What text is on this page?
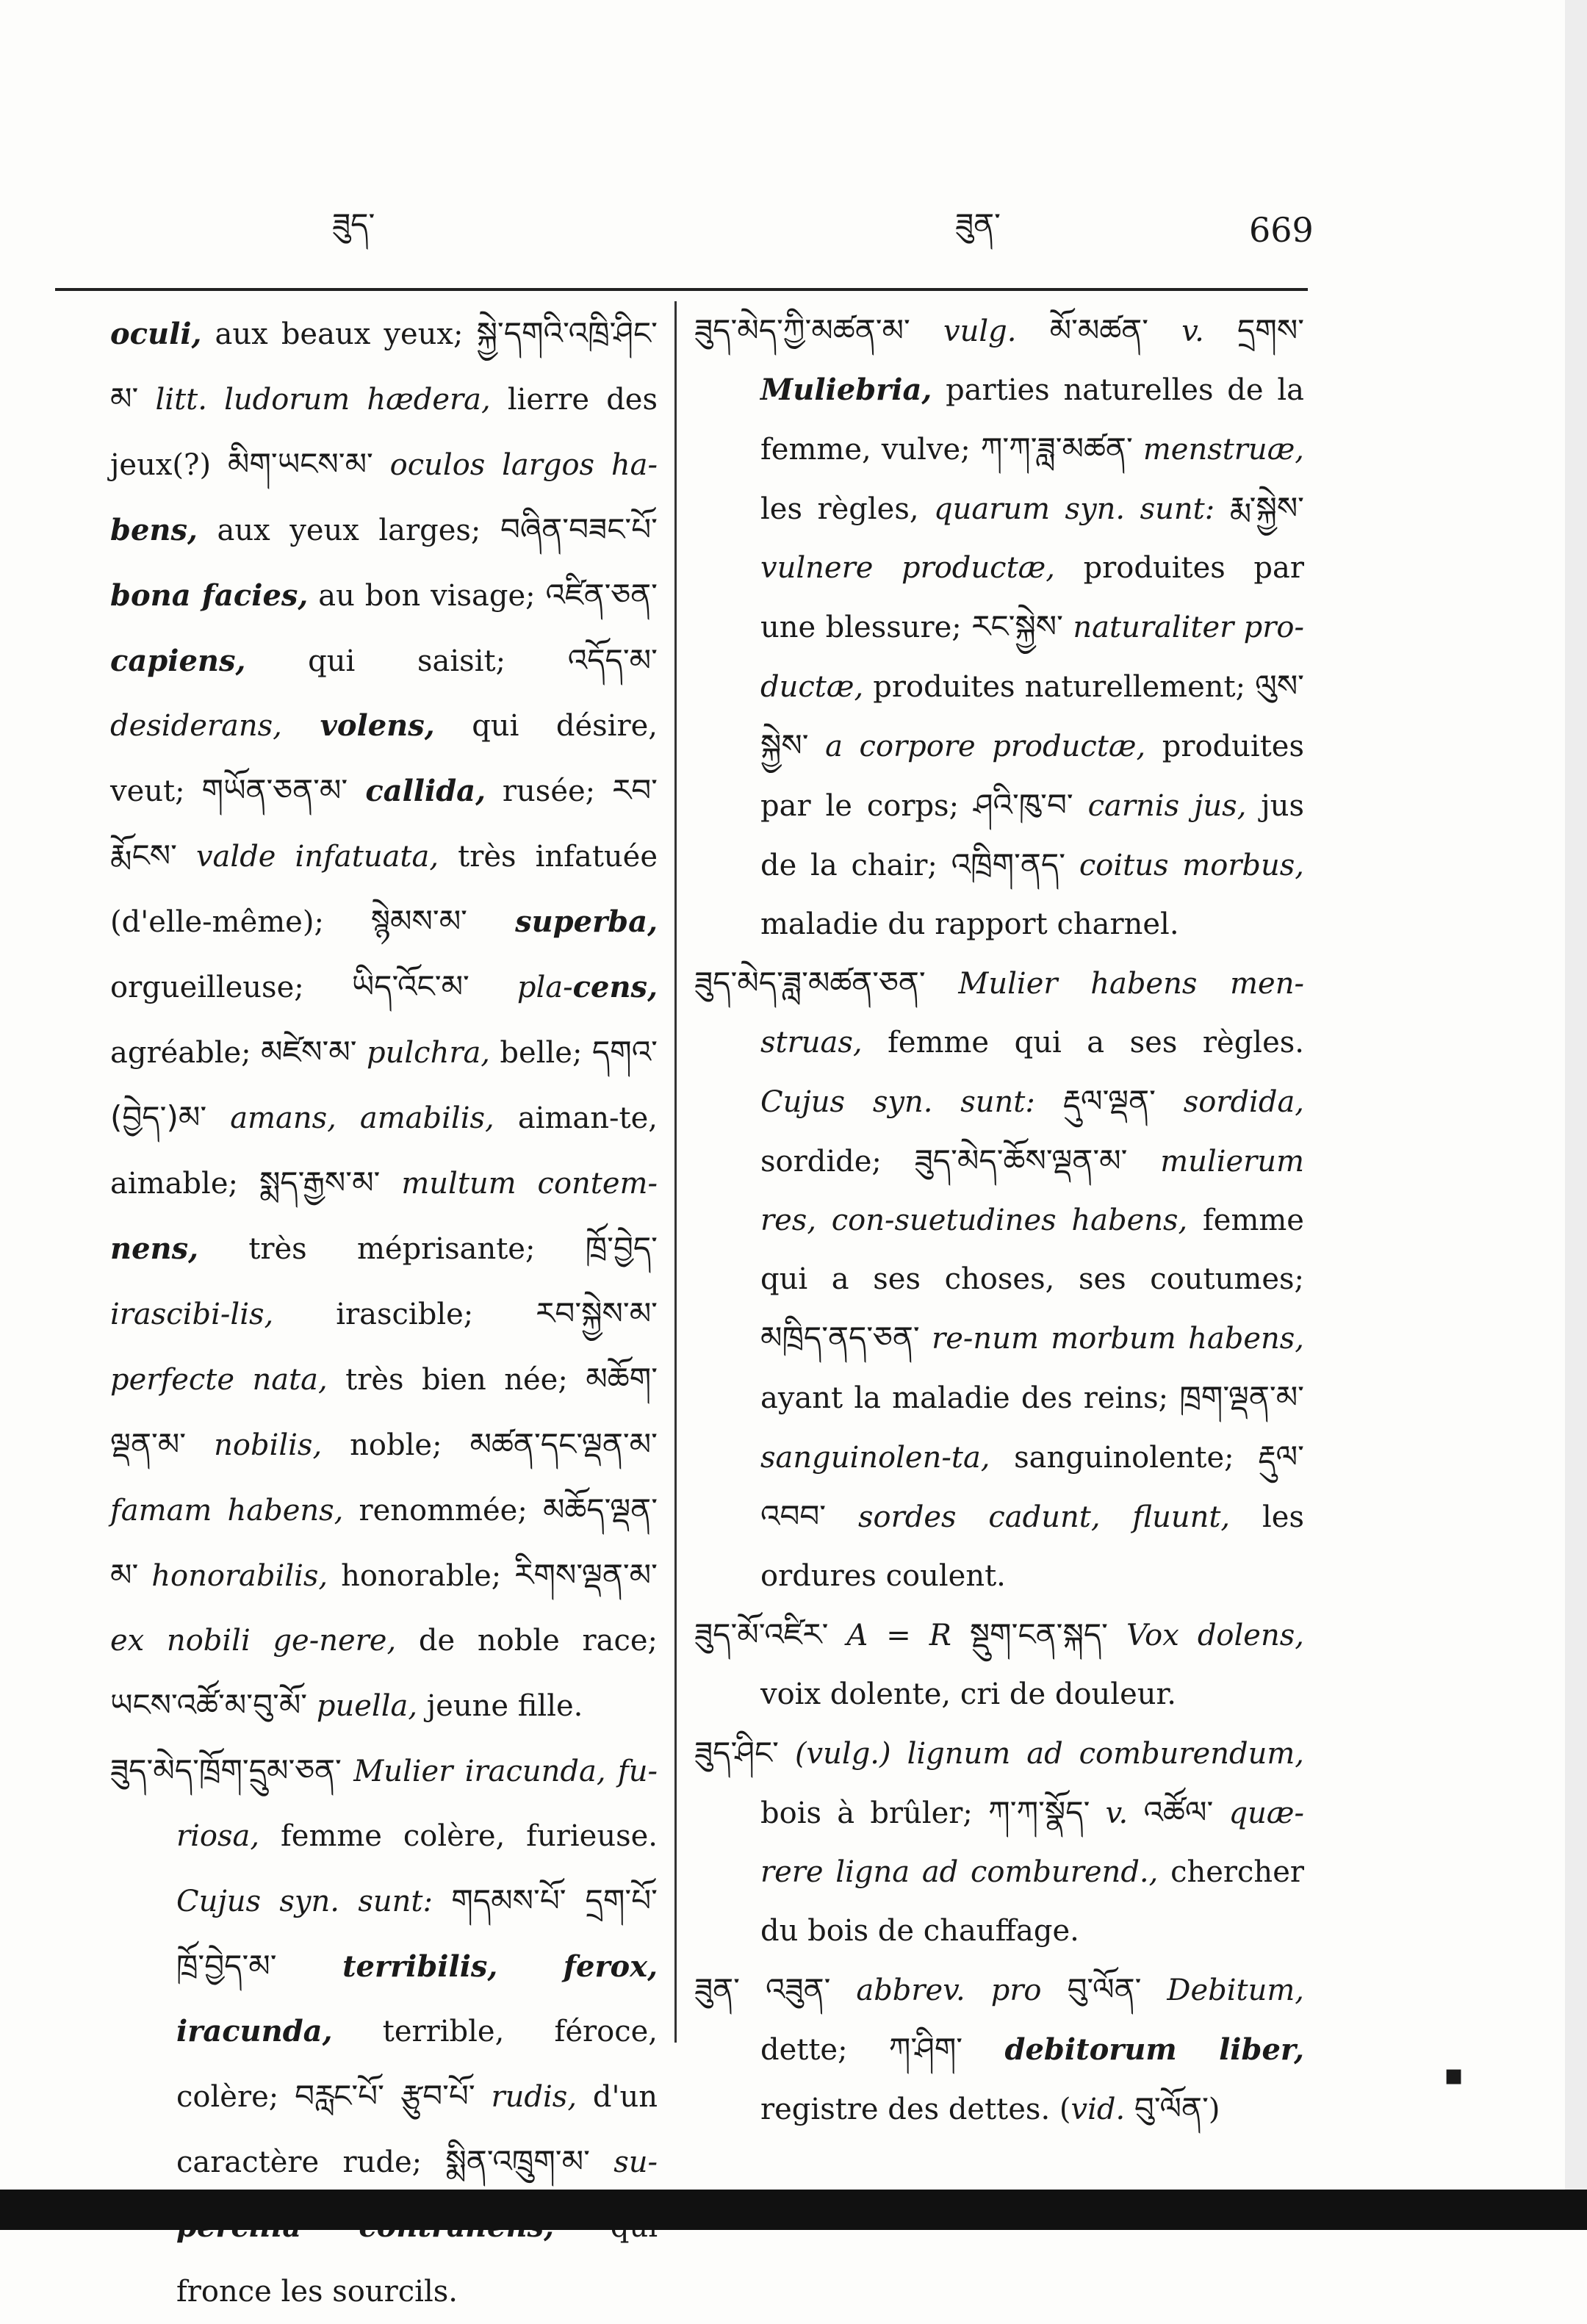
ཟུད་	ཟུན་	669

oculi, aux beaux yeux; སྐྱེ་དགའི་འཁྲི་ཤིང་མ་ litt. ludorum hædera, lierre des jeux(?) མིག་ཡངས་མ་ oculos largos ha-bens, aux yeux larges; བཞིན་བཟང་པོ་ bona facies, au bon visage; འཛིན་ཅན་ capiens, qui saisit; འདོད་མ་ desiderans, volens, qui désire, veut; གཡོན་ཅན་མ་ callida, rusée; རབ་རྨོངས་ valde infatuata, très infatuée (d'elle-même); སྙེམས་མ་ superba, orgueilleuse; ཡིད་འོང་མ་ pla-cens, agréable; མཛེས་མ་ pulchra, belle; དགའ་(བྱེད་)མ་ amans, amabilis, aiman-te, aimable; སྨད་རྒྱས་མ་ multum contem-nens, très méprisante; ཁྲོ་བྱེད་ irascibi-lis, irascible; རབ་སྐྱེས་མ་ perfecte nata, très bien née; མཆོག་ལྡན་མ་ nobilis, noble; མཚན་དང་ལྡན་མ་ famam habens, renommée; མཆོད་ལྡན་མ་ honorabilis, honorable; རིགས་ལྡན་མ་ ex nobili ge-nere, de noble race; ཡངས་འཚོ་མ་བུ་མོ་ puella, jeune fille.

ཟུད་མེད་ཁྲོག་དྲུམ་ཅན་ Mulier iracunda, fu-riosa, femme colère, furieuse. Cujus syn. sunt: གདམས་པོ་ དྲག་པོ་ ཁྲོ་བྱེད་མ་ terribilis, ferox, iracunda, terrible, féroce, colère; བརླང་པོ་ རྩུབ་པོ་ rudis, d'un caractère rude; སྨིན་འཁྲུག་མ་ su- fronce les sourcils.

ཟུད་མེད་ཀྱི་མཚན་མ་ vulg. མོ་མཚན་ v. དྲགས་ Muliebria, parties naturelles de la femme, vulve; ཀ་ཀ་ཟླ་མཚན་ menstruæ, les règles, quarum syn. sunt: རྨ་སྐྱེས་ vulnere productæ, produites par une blessure; རང་སྐྱེས་ naturaliter pro-ductæ, produites naturellement; ལུས་སྐྱེས་ a corpore productæ, produites par le corps; ཤའི་ཁུ་བ་ carnis jus, jus de la chair; འཁྲིག་ནད་ coitus morbus, maladie du rapport charnel.

ཟུད་མེད་ཟླ་མཚན་ཅན་ Mulier habens men-struas, femme qui a ses règles. Cujus syn. sunt: རྡུལ་ལྡན་ sordida, sordide; ཟུད་མེད་ཆོས་ལྡན་མ་ mulierum res, con-suetudines habens, femme qui a ses choses, ses coutumes; མཁྲིད་ནད་ཅན་ re-num morbum habens, ayant la maladie des reins; ཁྲག་ལྡན་མ་ sanguinolen-ta, sanguinolente; རྡུལ་འབབ་ sordes cadunt, fluunt, les ordures coulent.

ཟུད་མོ་འཛིར་ A = R སྡུག་ངན་སྐད་ Vox dolens, voix dolente, cri de douleur.

ཟུད་ཤིང་ (vulg.) lignum ad comburendum, bois à brûler; ཀ་ཀ་སྣོད་ v. འཚོལ་ quæ-rere ligna ad comburend., chercher du bois de chauffage.

ཟུན་ འཟུན་ abbrev. pro བུ་ལོན་ Debitum, dette; ཀ་ཤིག་ debitorum liber, registre des dettes. (vid. བུ་ལོན་)

▪
